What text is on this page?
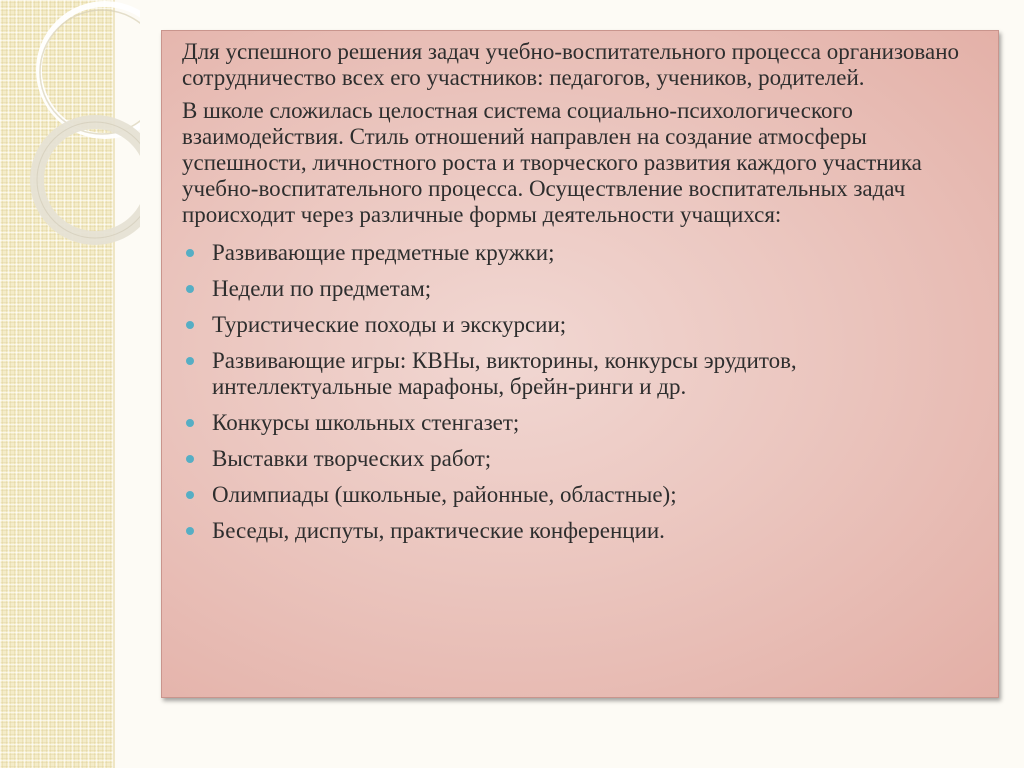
Для успешного решения задач учебно-воспитательного процесса организовано сотрудничество всех его участников: педагогов, учеников, родителей.

В школе сложилась целостная система социально-психологического взаимодействия. Стиль отношений направлен на создание атмосферы успешности, личностного роста и творческого развития каждого участника учебно-воспитательного процесса. Осуществление воспитательных задач происходит через различные формы деятельности учащихся:

Развивающие предметные кружки;
Недели по предметам;
Туристические походы и экскурсии;
Развивающие игры: КВНы, викторины, конкурсы эрудитов, интеллектуальные марафоны, брейн-ринги и др.
Конкурсы школьных стенгазет;
Выставки творческих работ;
Олимпиады (школьные, районные, областные);
Беседы, диспуты, практические конференции.
